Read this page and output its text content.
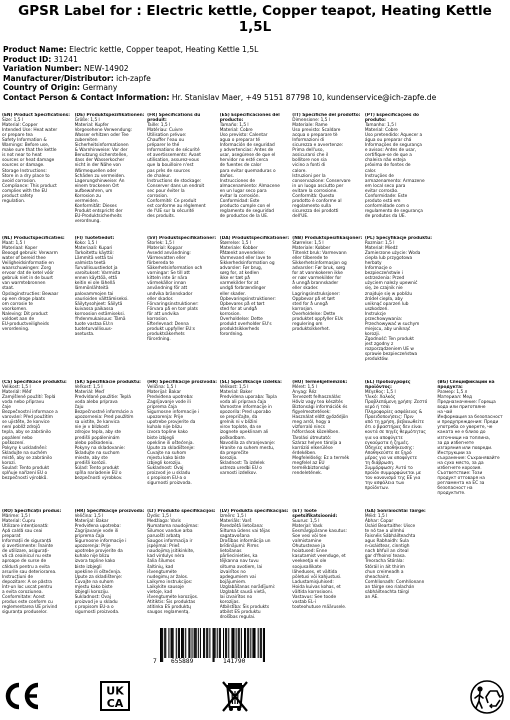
GPSR Label for : Electric kettle, Copper teapot, Heating Kettle
1,5L
Product Name: Electric kettle, Copper teapot, Heating Kettle 1,5L
Product ID: 31241
Variation Number: NEW-14902
Manufacturer/Distributor: ich-zapfe
Country of Origin: Germany
Contact Person & Contact Information: Hr. Stanislav Maer, +49 5151 87798 10, kundenservice@ich-zapfe.de
(EN) Product Specifications:
Size: 1,5 l
Material: Copper
Intended Use: Heat water
or prepare tea
Safety Information &
Warnings: Before use,
make sure that the kettle
is not near to heat
sources or heat damage
sources or damage.
Storage Instructions:
Store in a dry place to
avoid corrosion.
Compliance: This product
complies with the EU
product safety
regulation.
(DE) Produktspezifikationen:
Größe: 1,5 l
Material: Kupfer
Vorgesehene Verwendung:
Wasser erhitzen oder Tee
zubereiten
Sicherheitsinformationen
& Warnhinweise: Vor der
Benutzung sicherstellen,
dass der Wasserkocher
nicht in der Nähe von
Wärmequellen oder
Schäden zu vermeiden.
Lagerungshinweise: An
einem trockenen Ort
aufbewahren, um
Korrosion zu
vermeiden.
Konformität: Dieses
Produkt entspricht der
EU-Produktsicherheits
verordnung.
(FR) Spécifications du produit:
Taille: 1,5 l
Matériau: Cuivre
Utilisation prévue:
Chauffer l'eau ou
préparer le thé
Informations de sécurité
et avertissements: Avant
utilisation, assurez-vous
que la bouilloire n'est
pas près de sources
de chaleur.
Instructions de stockage:
Conserver dans un endroit
sec pour éviter la
corrosion.
Conformité: Ce produit
est conforme au règlement
de l'UE sur la sécurité
des produits.
(ES) Especificaciones del producto:
Tamaño: 1,5 l
Material: Cobre
Uso previsto: Calentar
agua o preparar té
Información de seguridad
y advertencias: Antes de
usar, asegúrese de que el
hervidor no esté cerca
de fuentes de calor
para evitar quemaduras o
daños.
Instrucciones de
almacenamiento: Almacene
en un lugar seco para
evitar la corrosión.
Conformidad: Este
producto cumple con el
reglamento de seguridad
de productos de la UE.
(IT) Specifiche del prodotto:
Dimensione: 1,5 l
Materiale: Rame
Uso previsto: Scaldare
acqua o preparare tè
Informazioni di
sicurezza e avvertenze:
Prima dell'uso,
assicurarsi che il
bollitore non sia
vicino a fonti di
calore.
Istruzioni per la
conservazione: Conservare
in un luogo asciutto per
evitare la corrosione.
Conformità: Questo
prodotto è conforme al
regolamento sulla
sicurezza dei prodotti
dell'UE.
(PT) Especificações do produto:
Tamanho: 1,5 l
Material: Cobre
Uso pretendido: Aquecer a
água ou preparar chá
Informações de segurança
e avisos: Antes de usar,
certifique-se de que a
chaleira não esteja
próxima de fontes de
calor.
Instruções de
armazenamento: Armazene
em local seco para
evitar corrosão.
Conformidade: Este
produto está em
conformidade com o
regulamento de segurança
de produtos da UE.
(NL) Productspecificaties:
Maat: 1,5 l
Materiaal: Koper
Beoogd gebruik: Verwarm
water of bereid thee
Veiligheidsinformatie en
waarschuwingen: Zorg
ervoor dat de ketel vóór
gebruik niet in de buurt
van warmtebronnen
staat.
Opslaginstructies: Bewaar
op een droge plaats
om corrosie te
voorkomen.
Naleving: Dit product
voldoet aan de
EU-productveiligheids
verordening.
(FI) Tuotetiedot:
Koko: 1,5 l
Materiaali: Kupari
Tarkoitettu käyttö:
Lämmitä vettä tai
valmista teetä
Turvallisuustiedot ja
varoitukset: Varmista
ennen käyttöä, että
keitin ei ole lähellä
lämmönlähteitä
palovammojen tai
vaurioiden välttämiseksi.
Säilytysohjeet: Säilytä
kuivassa paikassa
korroosion estämiseksi.
Yhdenmukaisuus: Tämä
tuote vastaa EU:n
tuoteturvallisuus-
asetusta.
(SV) Produktspecifikationer:
Storlek: 1,5 l
Material: Koppar
Avsedd användning:
Värmevatten eller
förbereda te
Säkerhetsinformation och
varningar: Se till att
kitteln inte är nära
värmekällor innan
användning för att
undvika brännskador
eller skador.
Förvaringsinstruktioner:
Förvara på en torr plats
för att undvika
korrosion.
Efterlevnad: Denna
produkt uppfyller EU:s
produktsäkerhets
förordning.
(DA) Produktspecifikationer:
Størrelse: 1,5 l
Materiale: Kobber
Påtænkt anvendelse:
Varmevand eller lave te
Sikkerhedsinformation og
advarsler: Før brug,
sørg for, at kedlen
ikke er tæt på
varmekilder for at
undgå forbrændinger
eller skader.
Opbevaringsinstruktioner:
Opbevares på et tørt
sted for at undgå
korrosion.
Overholdelse: Dette
produkt overholder EU's
produktsikkerheds
forordning.
(NB) Produktspesifikasjoner:
Størrelse: 1,5 l
Materiale: Kobber
Tiltenkt bruk: Varmevann
eller tilberede te
Sikkerhetsinformasjon og
advarsler: Før bruk, sørg
for at vannkokeren ikke
er nær varmekilder for
å unngå brannskader
eller skader.
Lagringsinstruksjoner:
Oppbevar på et tørt
sted for å unngå
korrosjon.
Overholdelse: Dette
produktet oppfyller EUs
regulering om
produktsikkerhet.
(PL) Specyfikacje produktu:
Rozmiar: 1,5 l
Materiał: Miedź
Zamierzone użycie: Woda
ciepła lub przygotowa
herbaty
Informacje o
bezpieczeństwie i
ostrzeżenia: Przed
użyciem należy upewnić
się, że czajnik nie
znajduje się w pobliżu
źródeł ciepła, aby
uniknąć oparzeń lub
uszkodzeń.
Instrukcje
przechowywania:
Przechowywać w suchym
miejscu, aby uniknąć
korozji.
Zgodność: Ten produkt
jest zgodny z
rozporządzeniem UE w
sprawie bezpieczeństwa
produktów.
(CS) Specifikace produktu:
Velikost: 1,5 l
Materiál: Měď
Zamýšlené použití: Teplá
voda nebo připravu
čaje
Bezpečnostní informace a
varování: Před použitím
se ujistěte, že konvice
není poblíž zdrojů
tepla, aby se zabránilo
popálení nebo
poškození.
Pokyny k uskladnění:
Skladujte na suchém
místě, aby se zabránilo
korozi.
Soulad: Tento produkt
splňuje nařízení EU o
bezpečnosti výrobků.
(SK) Špecifikácie produktu:
Veľkosť: 1,5 l
Materiál: Meď
Predvídané použitie: Teplá
voda alebo príprava
čaju
Bezpečnostné informácie a
upozornenia: Pred použitím
sa uistite, že kanvica
nie je v blízkosti
zdrojov tepla, aby ste
predišli popáleninám
alebo poškodeniu.
Pokyny na skladovanie:
Skladujte na suchom
mieste, aby ste
predišli korózii.
Súlad: Tento produkt
spĺňa nariadenie EÚ o
bezpečnosti výrobkov.
(HR) Specifikacije proizvoda:
Veličina: 1,5 l
Materijal: Bakar
Predviđena upotreba:
Zagrijavanje vode ili
priprema čaja
Sigurnosne informacije i
upozorenja: Prije
upotrebe provjerite da
kuhalo nije blizu
izvora topline kako
biste izbjegli
opekline ili oštećenja.
Upute za skladištenje:
Čuvajte na suhom
mjestu kako biste
izbjegli koroziju.
Sukladnost: Ovaj
proizvod je u skladu
s propisom EU-a o
sigurnosti proizvoda.
(SL) Specifikacije izdelka:
Velikost: 1,5 l
Material: Baker
Predvidena uporaba: Topla
voda ali priprava čaja
Varnostne informacije in
opozorila: Pred uporabo
se prepričajte, da
grelnik ni v bližini
virov toplote, da se
izognete opeklinam ali
poškodbam.
Navodila za shranjevanje:
Hranite na suhem mestu,
da preprečite
korozijo.
Skladnost: Ta izdelek
ustreza uredbi EU o
varnosti izdelkov.
(HU) Termékjellemzők:
Méret: 1,5 l
Anyag: Réz
Tervezett felhasználás:
Hővíz vagy tea készítés
Biztonsági információk és
figyelmeztetések:
Használat előtt győződjön
meg arról, hogy a
vízforraló nincs
hőforrások közelében.
Tárolási útmutató:
Száraz helyen tárolja a
korrózió elkerülése
érdekében.
Megfelelőség: Ez a termék
megfelel az EU
termékbiztonsági
rendeletének.
(EL) Προδιαγραφές προϊόντος:
Μέγεθος: 1,5 l
Υλικό: Χαλκός
Προβλεπόμενη χρήση: Ζεστό
νερό ή τσάι
Πληροφορίες ασφάλειας &
Προειδοποιήσεις: Πριν
από τη χρήση, βεβαιωθείτε
ότι ο βραστήρας δεν είναι
κοντά σε πηγές θερμότητας
για να αποφύγετε
εγκαύματα ή ζημιές.
Οδηγίες αποθήκευσης:
Αποθηκεύστε σε ξηρό
μέρος για να αποφύγετε
τη διάβρωση.
Συμμόρφωση: Αυτό το
προϊόν συμμορφώνεται με
τον κανονισμό της ΕΕ για
την ασφάλεια των
προϊόντων.
(BG) Спецификации на продукта:
Размер: 1,5 л
Материал: Мед
Предназначение: Гореща
вода или приготвяне
на чай
Информация за безопасност
и предупреждения: Преди
употреба се уверете, че
каната не е близо до
източници на топлина,
за да избегнете
изгаряния или повреди.
Инструкции за
съхранение: Съхранявайте
на сухо място, за да
избегнете корозия.
Съответствие: Този
продукт отговаря на
регламента на ЕС за
безопасност на
продуктите.
(RO) Specificații produs:
Mărime: 1,5 l
Material: Cupru
Utilizare intenționată:
Apă caldă sau ceai
preparat
Informații de siguranță
și avertismente: Înainte
de utilizare, asigurați-
vă că ceainicul nu este
aproape de surse de
căldură pentru a evita
arsurile sau deteriorarea.
Instrucțiuni de
depozitare: A se păstra
într-un loc uscat pentru
a evita coroziunea.
Conformitate: Acest
produs este conform cu
reglementarea UE privind
siguranța produselor.
(HR) Specifikacije proizvoda:
Veličina: 1,5 l
Materijal: Bakar
Predviđena upotreba:
Zagrijavanje vode ili
priprema čaja
Sigurnosne informacije i
upozorenja: Prije
upotrebe provjerite da
kuhalo nije blizu
izvora topline kako
biste izbjegli
opekline ili oštećenja.
Upute za skladištenje:
Čuvajte na suhom
mjestu kako biste
izbjegli koroziju.
Sukladnost: Ovaj
proizvod je u skladu
s propisom EU-a o
sigurnosti proizvoda.
(LT) Produkto specifikacijos:
Dydis: 1,5 l
Medžiaga: Varis
Numatoma naudojimas:
Šilumos vandue arba
paruošti arbatą
Saugos informacija ir
įspėjimai: Prieš
naudojimą įsitikinkite,
kad virdulys nėra
šalia šilumos
šaltinių, kad
išvengtumėte
nudegimų ar žalos.
Laikymo instrukcijos:
Laikykite sausoje
vietoje, kad
išvengtumėte korozijos.
Atitiktis: Šis produktas
atitinka ES produktų
saugos reglamentą.
(LV) Produkta specifikācijas:
Izmērs: 1,5 l
Materiāls: Varš
Paredzētā lietošana:
Siltuma ūdens vai tējas
sagatavošana
Drošības informācija un
brīdinājumi: Pirms
lietošanas
pārliecinieties, ka
tējkanna nav tuvu
siltuma avotiem, lai
izvairītos no
apdegumiem vai
bojājumiem.
Uzglabāšanas norādījumi:
Uzglabāt sausā vietā,
lai izvairītos no
korozijas.
Atbilstība: Šis produkts
atbilst ES produktu
drošības regulai.
(ET) Toote spetsifikatsioonid:
Suurus: 1,5 l
Materjal: Vask
Eesmärgipärane kasutus:
Soe vesi või tee
valmistamine
Ohutusteave ja
hoiatused: Enne
kasutamist veenduge, et
veekeetja ei ole
soojusallikate
läheduses, et vältida
põletusi või kahjustusi.
Ladustamisjuhised:
Hoida kuivas kohas, et
vältida korrosiooni.
Vastavus: See toode
vastab EL-i
tooteohutuse määrusele.
(GA) Sonraíochtaí Táirge:
Méid: 1,5 l
Ábhar: Copar
Úsáid Beartaithe: Uisce
te nó tae a ullmhú
Faisnéis Sábháilteachta
agus Rabhaidh: Sula
n-úsáidtear, cinntigh
nach bhfuil an citeal
gar d'fhoinsí teasa.
Treoracha Stórála:
Stóráil in áit thirim
chun creimeadh a
sheachaint.
Comhlíonadh: Comhlíonann
an táirge seo rialachán
sábháilteachta táirgí
an AE.
7 655889	141790
UK
CA
